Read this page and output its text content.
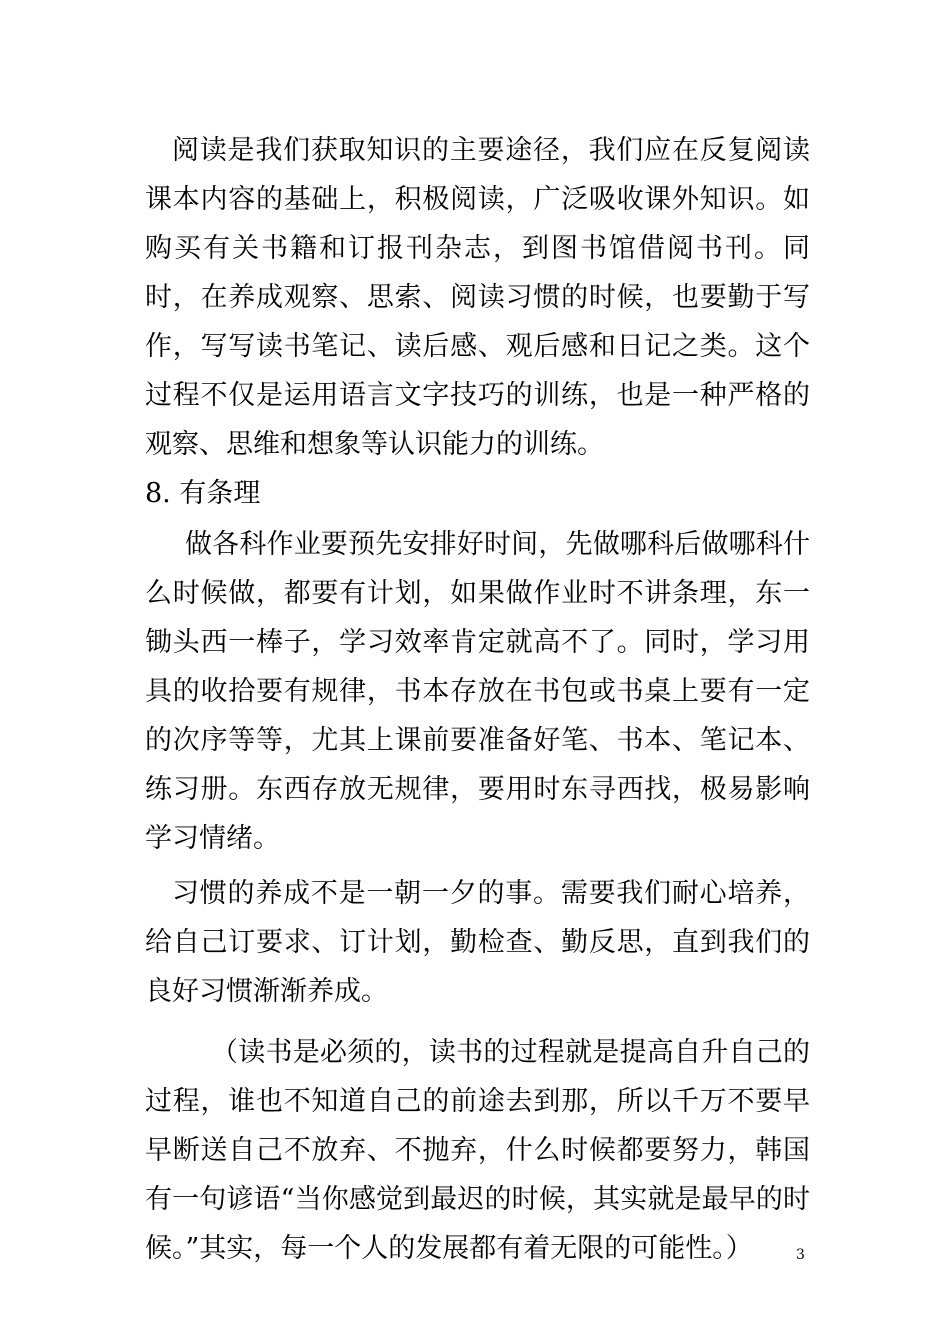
阅读是我们获取知识的主要途径，我们应在反复阅读课本内容的基础上，积极阅读，广泛吸收课外知识。如购买有关书籍和订报刊杂志，到图书馆借阅书刊。同时，在养成观察、思索、阅读习惯的时候，也要勤于写作，写写读书笔记、读后感、观后感和日记之类。这个过程不仅是运用语言文字技巧的训练，也是一种严格的观察、思维和想象等认识能力的训练。

8. 有条理

做各科作业要预先安排好时间，先做哪科后做哪科什么时候做，都要有计划，如果做作业时不讲条理，东一锄头西一棒子，学习效率肯定就高不了。同时，学习用具的收拾要有规律，书本存放在书包或书桌上要有一定的次序等等，尤其上课前要准备好笔、书本、笔记本、练习册。东西存放无规律，要用时东寻西找，极易影响学习情绪。

习惯的养成不是一朝一夕的事。需要我们耐心培养，给自己订要求、订计划，勤检查、勤反思，直到我们的良好习惯渐渐养成。

（读书是必须的，读书的过程就是提高自升自己的过程，谁也不知道自己的前途去到那，所以千万不要早早断送自己不放弃、不抛弃，什么时候都要努力，韩国有一句谚语“当你感觉到最迟的时候，其实就是最早的时候。”其实，每一个人的发展都有着无限的可能性。）	3
